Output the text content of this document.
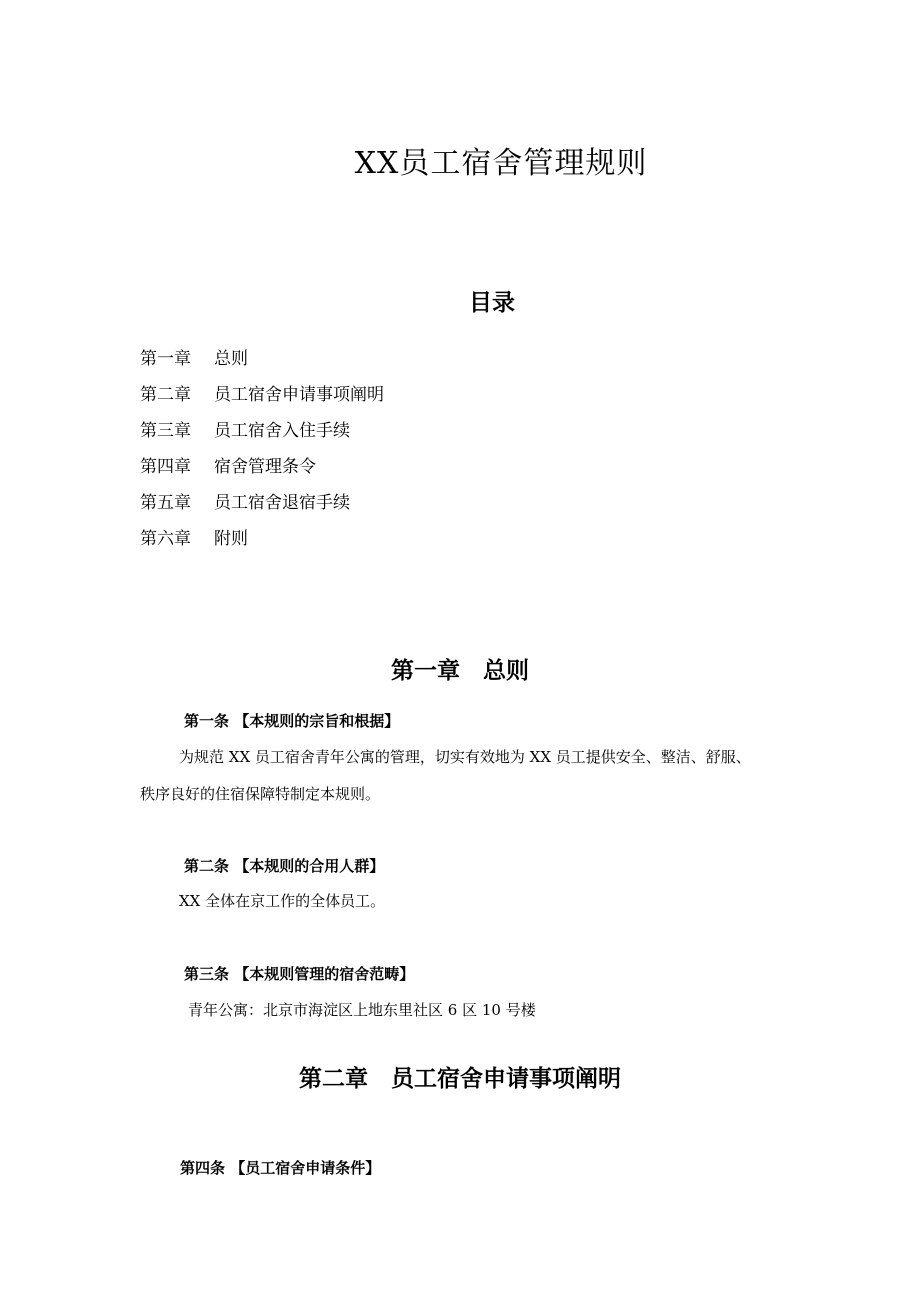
XX员工宿舍管理规则
目录
第一章 总则
第二章 员工宿舍申请事项阐明
第三章 员工宿舍入住手续
第四章 宿舍管理条令
第五章 员工宿舍退宿手续
第六章 附则
第一章　总则
第一条 【本规则的宗旨和根据】
为规范 XX 员工宿舍青年公寓的管理，切实有效地为 XX 员工提供安全、整洁、舒服、
秩序良好的住宿保障特制定本规则。
第二条 【本规则的合用人群】
XX 全体在京工作的全体员工。
第三条 【本规则管理的宿舍范畴】
青年公寓：北京市海淀区上地东里社区 6 区 10 号楼
第二章　员工宿舍申请事项阐明
第四条 【员工宿舍申请条件】
